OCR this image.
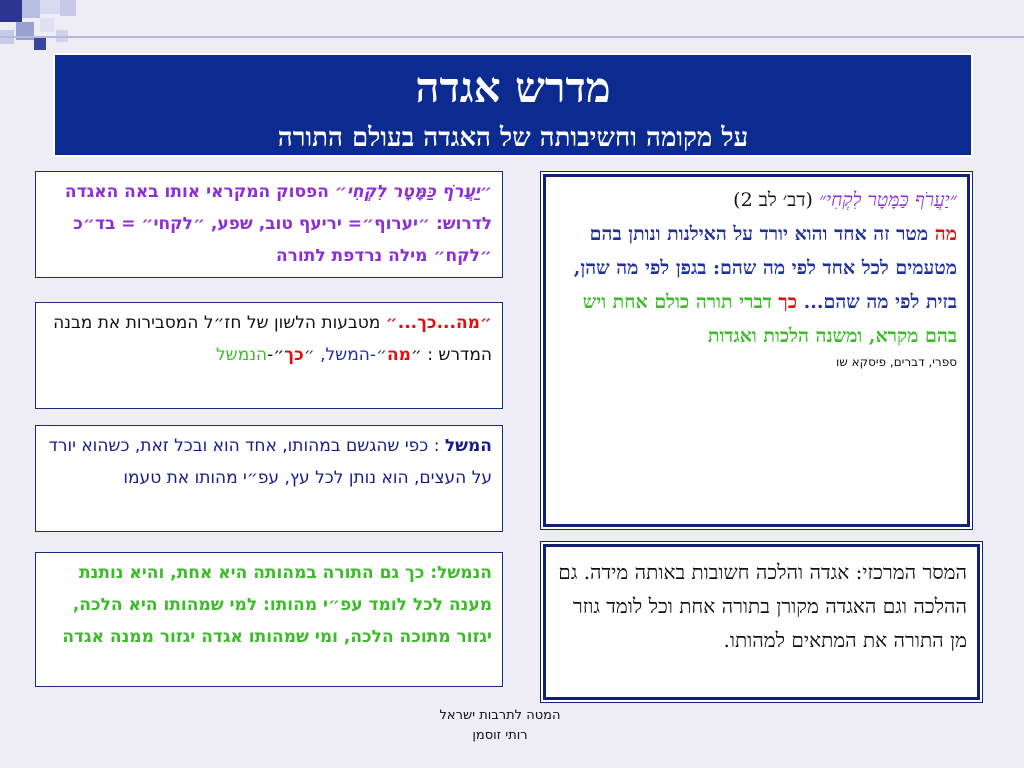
מדרש אגדה
על מקומה וחשיבותה של האגדה בעולם התורה
״יַעֲרֹף כַּמָּטָר לִקְחִי״ הפסוק המקראי אותו באה האגדה לדרוש: ״יערוף״= יריעף טוב, שפע, ״לקחי״ = בד״כ ״לקח״ מילה נרדפת לתורה
״מה...כך...״ מטבעות הלשון של חז״ל המסבירות את מבנה המדרש : ״מה״-המשל, ״כך״-הנמשל
המשל : כפי שהגשם במהותו, אחד הוא ובכל זאת, כשהוא יורד על העצים, הוא נותן לכל עץ, עפ״י מהותו את טעמו
הנמשל: כך גם התורה במהותה היא אחת, והיא נותנת מענה לכל לומד עפ״י מהותו: למי שמהותו היא הלכה, יגזור מתוכה הלכה, ומי שמהותו אגדה יגזור ממנה אגדה
״יַעֲרֹף כַּמָּטָר לִקְחִי״ (דב׳ לב 2)
מה מטר זה אחד והוא יורד על האילנות ונותן בהם מטעמים לכל אחד לפי מה שהם: בגפן לפי מה שהן, בזית לפי מה שהם... כך דברי תורה כולם אחת ויש בהם מקרא, ומשנה הלכות ואגדות
ספרי, דברים, פיסקא שו
המסר המרכזי: אגדה והלכה חשובות באותה מידה. גם ההלכה וגם האגדה מקורן בתורה אחת וכל לומד גוזר מן התורה את המתאים למהותו.
המטה לתרבות ישראל
רותי זוסמן
